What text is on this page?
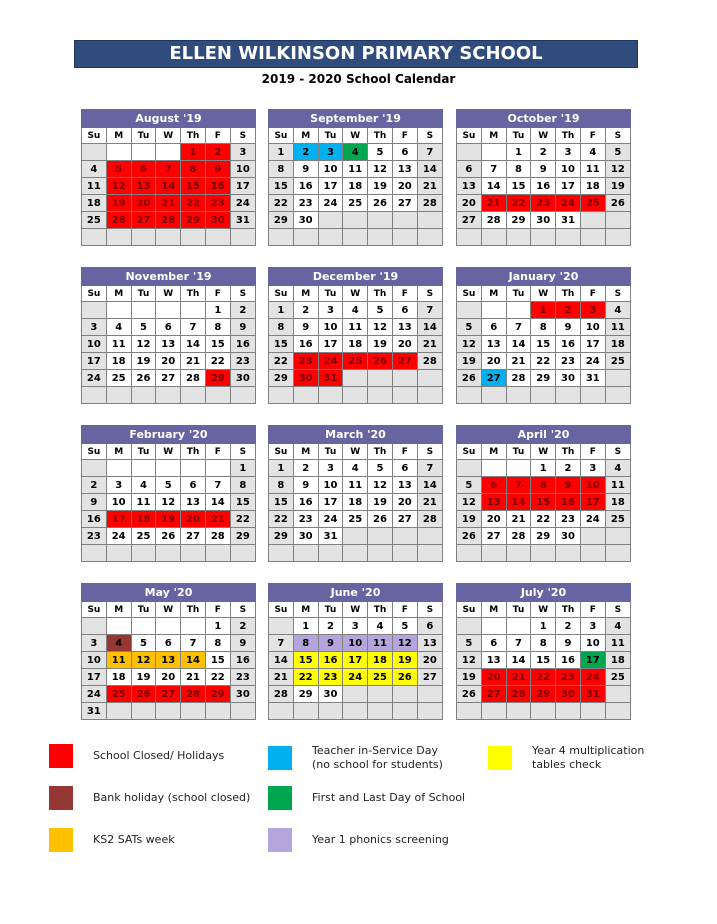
ELLEN WILKINSON PRIMARY SCHOOL
2019 - 2020 School Calendar
August '19						
Su	M	Tu	W	Th	F	S
				1	2	3
4	5	6	7	8	9	10
11	12	13	14	15	16	17
18	19	20	21	22	23	24
25	26	27	28	29	30	31

September '19						
Su	M	Tu	W	Th	F	S
1	2	3	4	5	6	7
8	9	10	11	12	13	14
15	16	17	18	19	20	21
22	23	24	25	26	27	28
29	30					

October '19						
Su	M	Tu	W	Th	F	S
		1	2	3	4	5
6	7	8	9	10	11	12
13	14	15	16	17	18	19
20	21	22	23	24	25	26
27	28	29	30	31		

November '19						
Su	M	Tu	W	Th	F	S
					1	2
3	4	5	6	7	8	9
10	11	12	13	14	15	16
17	18	19	20	21	22	23
24	25	26	27	28	29	30

December '19						
Su	M	Tu	W	Th	F	S
1	2	3	4	5	6	7
8	9	10	11	12	13	14
15	16	17	18	19	20	21
22	23	24	25	26	27	28
29	30	31				

January '20						
Su	M	Tu	W	Th	F	S
			1	2	3	4
5	6	7	8	9	10	11
12	13	14	15	16	17	18
19	20	21	22	23	24	25
26	27	28	29	30	31	

February '20						
Su	M	Tu	W	Th	F	S
						1
2	3	4	5	6	7	8
9	10	11	12	13	14	15
16	17	18	19	20	21	22
23	24	25	26	27	28	29

March '20						
Su	M	Tu	W	Th	F	S
1	2	3	4	5	6	7
8	9	10	11	12	13	14
15	16	17	18	19	20	21
22	23	24	25	26	27	28
29	30	31				

April '20						
Su	M	Tu	W	Th	F	S
			1	2	3	4
5	6	7	8	9	10	11
12	13	14	15	16	17	18
19	20	21	22	23	24	25
26	27	28	29	30		

May '20						
Su	M	Tu	W	Th	F	S
					1	2
3	4	5	6	7	8	9
10	11	12	13	14	15	16
17	18	19	20	21	22	23
24	25	26	27	28	29	30
31						
June '20						
Su	M	Tu	W	Th	F	S
	1	2	3	4	5	6
7	8	9	10	11	12	13
14	15	16	17	18	19	20
21	22	23	24	25	26	27
28	29	30				

July '20						
Su	M	Tu	W	Th	F	S
			1	2	3	4
5	6	7	8	9	10	11
12	13	14	15	16	17	18
19	20	21	22	23	24	25
26	27	28	29	30	31	

School Closed/ Holidays	Teacher in-Service Day
(no school for students)
Year 4 multiplication
tables check
Bank holiday (school closed)	First and Last Day of School
KS2 SATs week	Year 1 phonics screening
